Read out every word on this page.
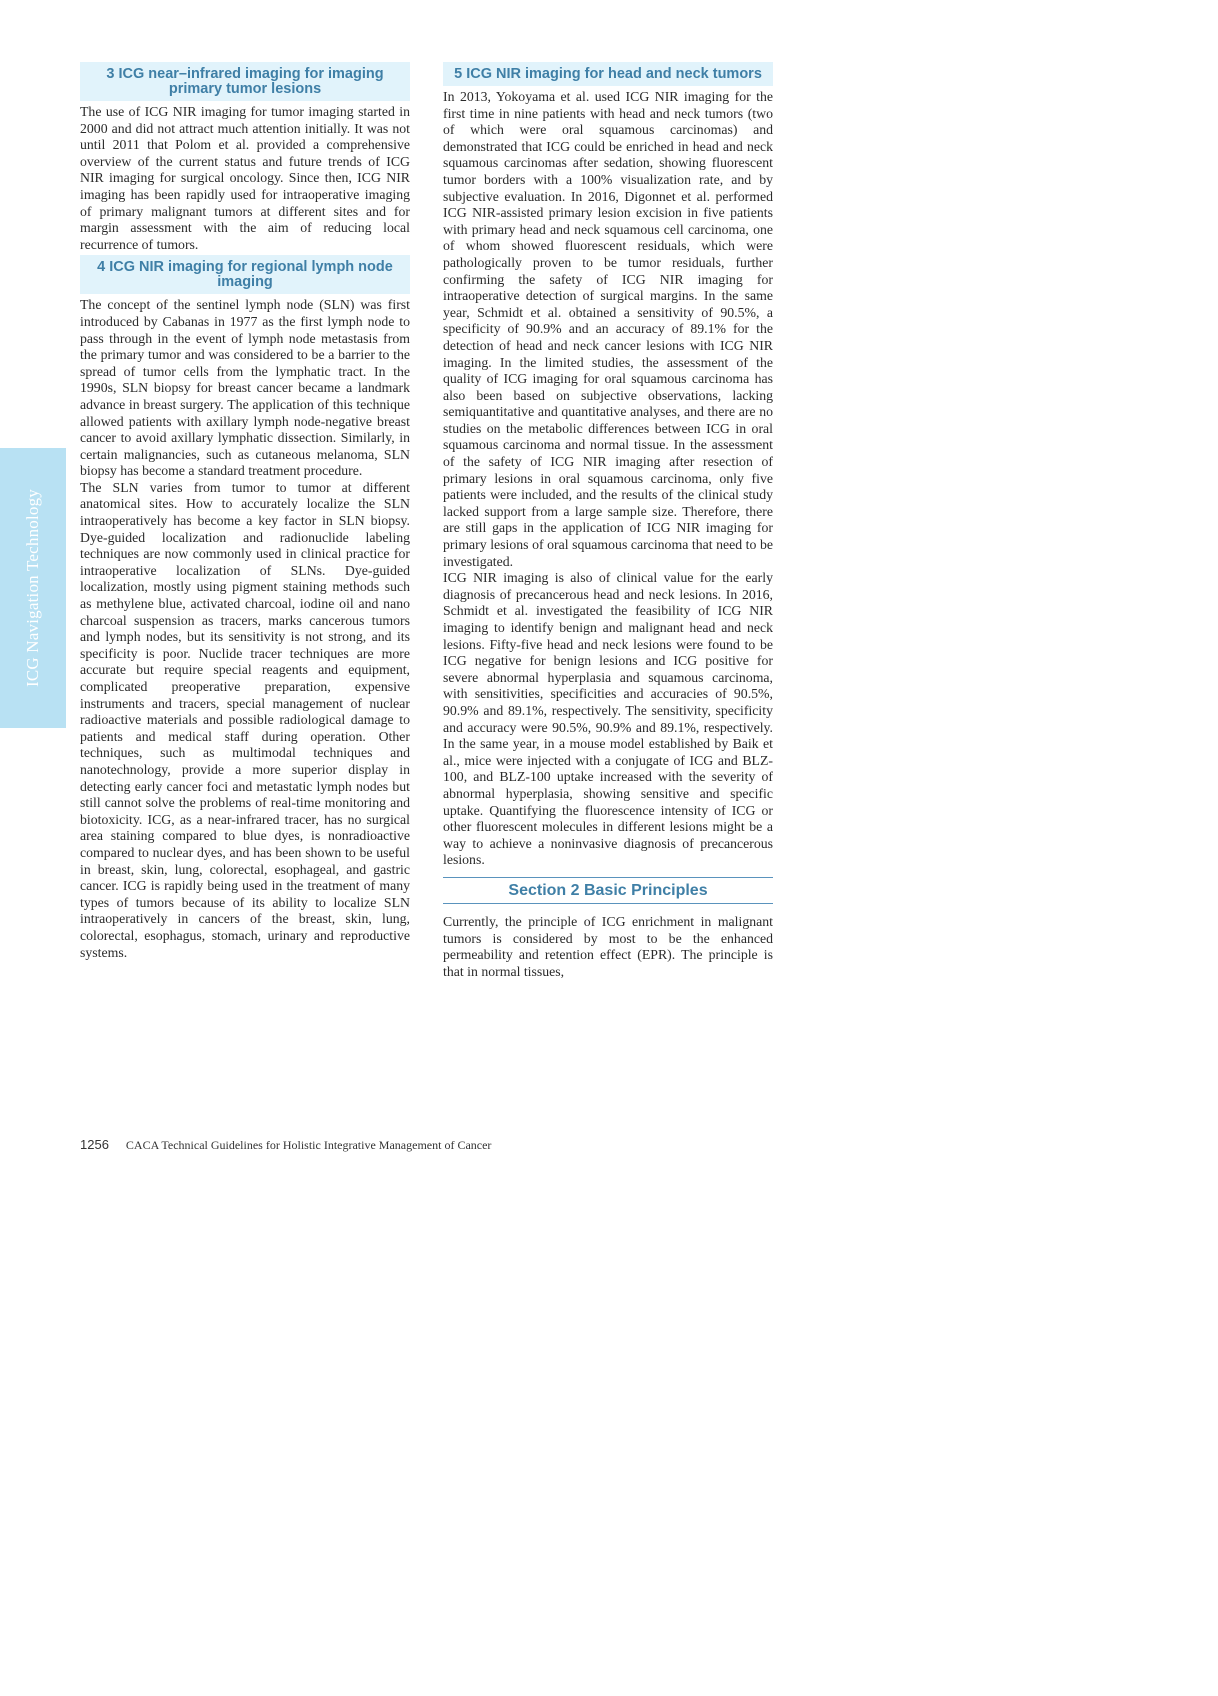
ICG Navigation Technology
3 ICG near–infrared imaging for imaging primary tumor lesions

The use of ICG NIR imaging for tumor imaging started in 2000 and did not attract much attention initially. It was not until 2011 that Polom et al. provided a comprehensive overview of the current status and future trends of ICG NIR imaging for surgical oncology. Since then, ICG NIR imaging has been rapidly used for intraoperative imaging of primary malignant tumors at different sites and for margin assessment with the aim of reducing local recurrence of tumors.

4 ICG NIR imaging for regional lymph node imaging

The concept of the sentinel lymph node (SLN) was first introduced by Cabanas in 1977 as the first lymph node to pass through in the event of lymph node metastasis from the primary tumor and was considered to be a barrier to the spread of tumor cells from the lymphatic tract. In the 1990s, SLN biopsy for breast cancer became a landmark advance in breast surgery. The application of this technique allowed patients with axillary lymph node-negative breast cancer to avoid axillary lymphatic dissection. Similarly, in certain malignancies, such as cutaneous melanoma, SLN biopsy has become a standard treatment procedure.

The SLN varies from tumor to tumor at different anatomical sites. How to accurately localize the SLN intraoperatively has become a key factor in SLN biopsy. Dye-guided localization and radionuclide labeling techniques are now commonly used in clinical practice for intraoperative localization of SLNs. Dye-guided localization, mostly using pigment staining methods such as methylene blue, activated charcoal, iodine oil and nano charcoal suspension as tracers, marks cancerous tumors and lymph nodes, but its sensitivity is not strong, and its specificity is poor. Nuclide tracer techniques are more accurate but require special reagents and equipment, complicated preoperative preparation, expensive instruments and tracers, special management of nuclear radioactive materials and possible radiological damage to patients and medical staff during operation. Other techniques, such as multimodal techniques and nanotechnology, provide a more superior display in detecting early cancer foci and metastatic lymph nodes but still cannot solve the problems of real-time monitoring and biotoxicity. ICG, as a near-infrared tracer, has no surgical area staining compared to blue dyes, is nonradioactive compared to nuclear dyes, and has been shown to be useful in breast, skin, lung, colorectal, esophageal, and gastric cancer. ICG is rapidly being used in the treatment of many types of tumors because of its ability to localize SLN intraoperatively in cancers of the breast, skin, lung, colorectal, esophagus, stomach, urinary and reproductive systems.

5 ICG NIR imaging for head and neck tumors

In 2013, Yokoyama et al. used ICG NIR imaging for the first time in nine patients with head and neck tumors (two of which were oral squamous carcinomas) and demonstrated that ICG could be enriched in head and neck squamous carcinomas after sedation, showing fluorescent tumor borders with a 100% visualization rate, and by subjective evaluation. In 2016, Digonnet et al. performed ICG NIR-assisted primary lesion excision in five patients with primary head and neck squamous cell carcinoma, one of whom showed fluorescent residuals, which were pathologically proven to be tumor residuals, further confirming the safety of ICG NIR imaging for intraoperative detection of surgical margins. In the same year, Schmidt et al. obtained a sensitivity of 90.5%, a specificity of 90.9% and an accuracy of 89.1% for the detection of head and neck cancer lesions with ICG NIR imaging. In the limited studies, the assessment of the quality of ICG imaging for oral squamous carcinoma has also been based on subjective observations, lacking semiquantitative and quantitative analyses, and there are no studies on the metabolic differences between ICG in oral squamous carcinoma and normal tissue. In the assessment of the safety of ICG NIR imaging after resection of primary lesions in oral squamous carcinoma, only five patients were included, and the results of the clinical study lacked support from a large sample size. Therefore, there are still gaps in the application of ICG NIR imaging for primary lesions of oral squamous carcinoma that need to be investigated.

ICG NIR imaging is also of clinical value for the early diagnosis of precancerous head and neck lesions. In 2016, Schmidt et al. investigated the feasibility of ICG NIR imaging to identify benign and malignant head and neck lesions. Fifty-five head and neck lesions were found to be ICG negative for benign lesions and ICG positive for severe abnormal hyperplasia and squamous carcinoma, with sensitivities, specificities and accuracies of 90.5%, 90.9% and 89.1%, respectively. The sensitivity, specificity and accuracy were 90.5%, 90.9% and 89.1%, respectively. In the same year, in a mouse model established by Baik et al., mice were injected with a conjugate of ICG and BLZ-100, and BLZ-100 uptake increased with the severity of abnormal hyperplasia, showing sensitive and specific uptake. Quantifying the fluorescence intensity of ICG or other fluorescent molecules in different lesions might be a way to achieve a noninvasive diagnosis of precancerous lesions.

Section 2 Basic Principles

Currently, the principle of ICG enrichment in malignant tumors is considered by most to be the enhanced permeability and retention effect (EPR). The principle is that in normal tissues,

1256 CACA Technical Guidelines for Holistic Integrative Management of Cancer
